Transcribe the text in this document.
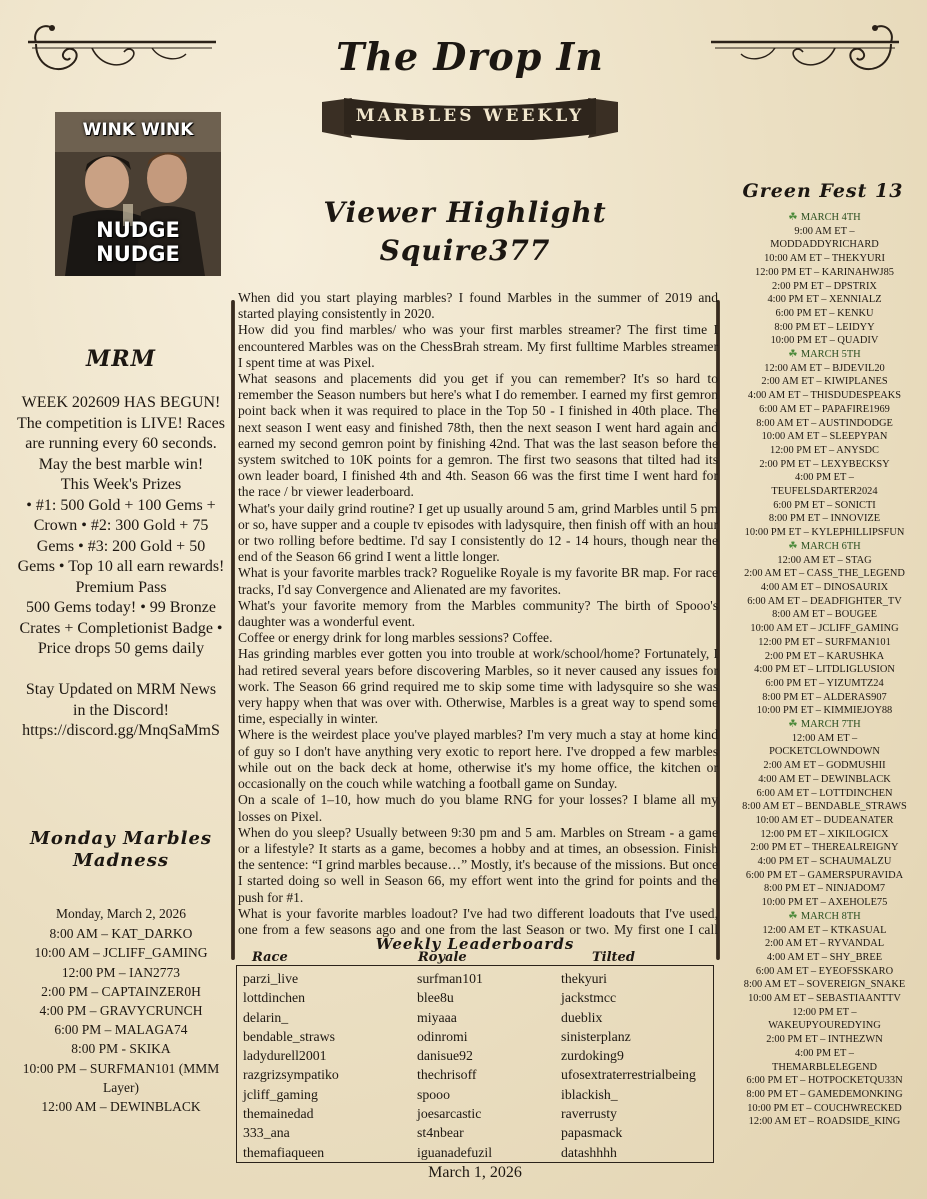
The Drop In
MARBLES WEEKLY
WINK WINK
NUDGE
NUDGE
MRM
WEEK 202609 HAS BEGUN!
The competition is LIVE! Races
are running every 60 seconds.
May the best marble win!
This Week's Prizes
• #1: 500 Gold + 100 Gems +
Crown • #2: 300 Gold + 75
Gems • #3: 200 Gold + 50
Gems • Top 10 all earn rewards!
Premium Pass
500 Gems today! • 99 Bronze
Crates + Completionist Badge •
Price drops 50 gems daily
Stay Updated on MRM News
in the Discord!
https://discord.gg/MnqSaMmS
Monday Marbles
Madness
Monday, March 2, 2026
8:00 AM – KAT_DARKO
10:00 AM – JCLIFF_GAMING
12:00 PM – IAN2773
2:00 PM – CAPTAINZER0H
4:00 PM – GRAVYCRUNCH
6:00 PM – MALAGA74
8:00 PM - SKIKA
10:00 PM – SURFMAN101 (MMM
Layer)
12:00 AM – DEWINBLACK
Viewer Highlight
Squire377

When did you start playing marbles? I found Marbles in the summer of 2019 and started playing consistently in 2020.

How did you find marbles/ who was your first marbles streamer? The first time I encountered Marbles was on the ChessBrah stream. My first fulltime Marbles streamer I spent time at was Pixel.

What seasons and placements did you get if you can remember? It's so hard to remember the Season numbers but here's what I do remember. I earned my first gemron point back when it was required to place in the Top 50 - I finished in 40th place. The next season I went easy and finished 78th, then the next season I went hard again and earned my second gemron point by finishing 42nd. That was the last season before the system switched to 10K points for a gemron. The first two seasons that tilted had its own leader board, I finished 4th and 4th. Season 66 was the first time I went hard for the race / br viewer leaderboard.

What's your daily grind routine? I get up usually around 5 am, grind Marbles until 5 pm or so, have supper and a couple tv episodes with ladysquire, then finish off with an hour or two rolling before bedtime. I'd say I consistently do 12 - 14 hours, though near the end of the Season 66 grind I went a little longer.

What is your favorite marbles track? Roguelike Royale is my favorite BR map. For race tracks, I'd say Convergence and Alienated are my favorites.

What's your favorite memory from the Marbles community? The birth of Spooo's daughter was a wonderful event.

Coffee or energy drink for long marbles sessions? Coffee.

Has grinding marbles ever gotten you into trouble at work/school/home? Fortunately, I had retired several years before discovering Marbles, so it never caused any issues for work. The Season 66 grind required me to skip some time with ladysquire so she was very happy when that was over with. Otherwise, Marbles is a great way to spend some time, especially in winter.

Where is the weirdest place you've played marbles? I'm very much a stay at home kind of guy so I don't have anything very exotic to report here. I've dropped a few marbles while out on the back deck at home, otherwise it's my home office, the kitchen or occasionally on the couch while watching a football game on Sunday.

On a scale of 1–10, how much do you blame RNG for your losses? I blame all my losses on Pixel.

When do you sleep? Usually between 9:30 pm and 5 am. Marbles on Stream - a game or a lifestyle? It starts as a game, becomes a hobby and at times, an obsession. Finish the sentence: “I grind marbles because…” Mostly, it's because of the missions. But once I started doing so well in Season 66, my effort went into the grind for points and the push for #1.

What is your favorite marbles loadout? I've had two different loadouts that I've used, one from a few seasons ago and one from the last Season or two. My first one I call

Weekly Leaderboards
Race	Royale	Tilted
parzi_live
lottdinchen
delarin_
bendable_straws
ladydurell2001
razgrizsympatiko
jcliff_gaming
themainedad
333_ana
themafiaqueen
surfman101
blee8u
miyaaa
odinromi
danisue92
thechrisoff
spooo
joesarcastic
st4nbear
iguanadefuzil
thekyuri
jackstmcc
dueblix
sinisterplanz
zurdoking9
ufosextraterrestrialbeing
iblackish_
raverrusty
papasmack
datashhhh
March 1, 2026
Green Fest 13
☘ MARCH 4TH
9:00 AM ET –
MODDADDYRICHARD
10:00 AM ET – THEKYURI
12:00 PM ET – KARINAHWJ85
2:00 PM ET – DPSTRIX
4:00 PM ET – XENNIALZ
6:00 PM ET – KENKU
8:00 PM ET – LEIDYY
10:00 PM ET – QUADIV
☘ MARCH 5TH
12:00 AM ET – BJDEVIL20
2:00 AM ET – KIWIPLANES
4:00 AM ET – THISDUDESPEAKS
6:00 AM ET – PAPAFIRE1969
8:00 AM ET – AUSTINDODGE
10:00 AM ET – SLEEPYPAN
12:00 PM ET – ANYSDC
2:00 PM ET – LEXYBECKSY
4:00 PM ET –
TEUFELSDARTER2024
6:00 PM ET – SONICTI
8:00 PM ET – INNOVIZE
10:00 PM ET – KYLEPHILLIPSFUN
☘ MARCH 6TH
12:00 AM ET – STAG
2:00 AM ET – CASS_THE_LEGEND
4:00 AM ET – DINOSAURIX
6:00 AM ET – DEADFIGHTER_TV
8:00 AM ET – BOUGEE
10:00 AM ET – JCLIFF_GAMING
12:00 PM ET – SURFMAN101
2:00 PM ET – KARUSHKA
4:00 PM ET – LITDLIGLUSION
6:00 PM ET – YIZUMTZ24
8:00 PM ET – ALDERAS907
10:00 PM ET – KIMMIEJOY88
☘ MARCH 7TH
12:00 AM ET –
POCKETCLOWNDOWN
2:00 AM ET – GODMUSHII
4:00 AM ET – DEWINBLACK
6:00 AM ET – LOTTDINCHEN
8:00 AM ET – BENDABLE_STRAWS
10:00 AM ET – DUDEANATER
12:00 PM ET – XIKILOGICX
2:00 PM ET – THEREALREIGNY
4:00 PM ET – SCHAUMALZU
6:00 PM ET – GAMERSPURAVIDA
8:00 PM ET – NINJADOM7
10:00 PM ET – AXEHOLE75
☘ MARCH 8TH
12:00 AM ET – KTKASUAL
2:00 AM ET – RYVANDAL
4:00 AM ET – SHY_BREE
6:00 AM ET – EYEOFSSKARO
8:00 AM ET – SOVEREIGN_SNAKE
10:00 AM ET – SEBASTIAANTTV
12:00 PM ET –
WAKEUPYOUREDYING
2:00 PM ET – INTHEZWN
4:00 PM ET –
THEMARBLELEGEND
6:00 PM ET – HOTPOCKETQU33N
8:00 PM ET – GAMEDEMONKING
10:00 PM ET – COUCHWRECKED
12:00 AM ET – ROADSIDE_KING
